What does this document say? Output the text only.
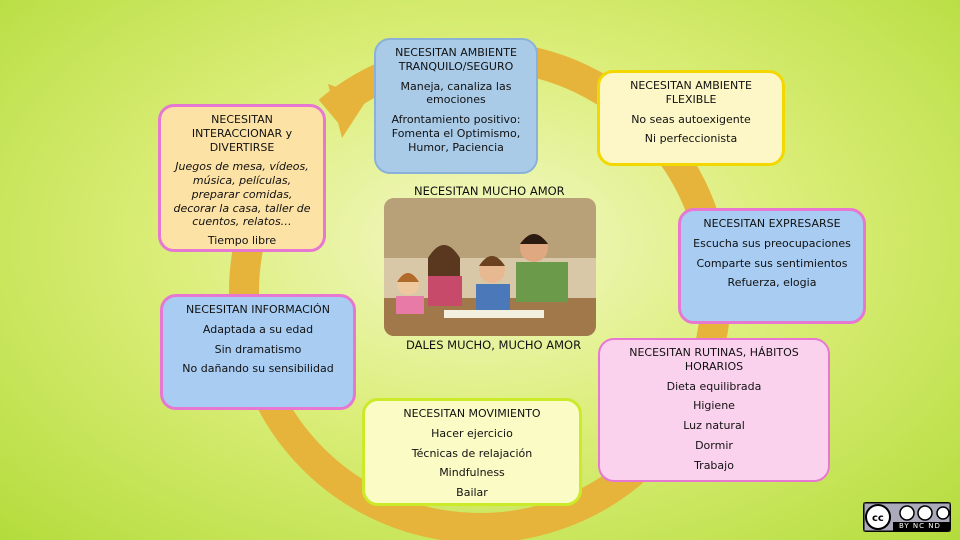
NECESITAN AMBIENTE TRANQUILO/SEGURO
Maneja, canaliza las emociones
Afrontamiento positivo: Fomenta el Optimismo, Humor, Paciencia
NECESITAN AMBIENTE FLEXIBLE
No seas autoexigente
Ni perfeccionista
NECESITAN INTERACCIONAR y DIVERTIRSE
Juegos de mesa, vídeos, música, películas, preparar comidas, decorar la casa, taller de cuentos, relatos…
Tiempo libre
NECESITAN MUCHO AMOR
DALES MUCHO, MUCHO AMOR
NECESITAN EXPRESARSE
Escucha sus preocupaciones
Comparte sus sentimientos
Refuerza, elogia
NECESITAN INFORMACIÓN
Adaptada a su edad
Sin dramatismo
No dañando su sensibilidad
NECESITAN RUTINAS, HÁBITOS HORARIOS
Dieta equilibrada
Higiene
Luz natural
Dormir
Trabajo
NECESITAN MOVIMIENTO
Hacer ejercicio
Técnicas de relajación
Mindfulness
Bailar
cc
BY NC ND
